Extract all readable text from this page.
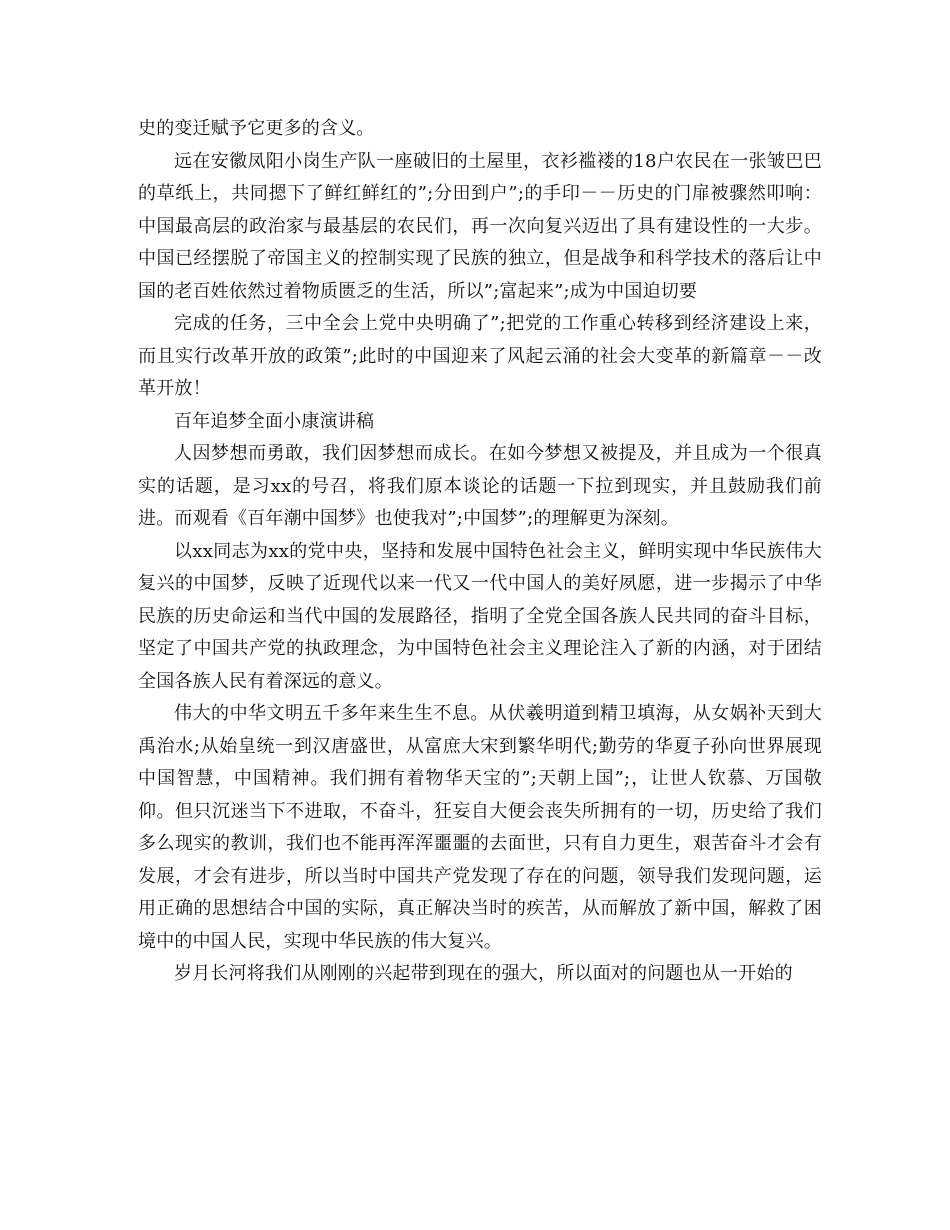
史的变迁赋予它更多的含义。

远在安徽凤阳小岗生产队一座破旧的土屋里，衣衫褴褛的18户农民在一张皱巴巴的草纸上，共同摁下了鲜红鲜红的”;分田到户”;的手印－－历史的门扉被骤然叩响：中国最高层的政治家与最基层的农民们，再一次向复兴迈出了具有建设性的一大步。中国已经摆脱了帝国主义的控制实现了民族的独立，但是战争和科学技术的落后让中国的老百姓依然过着物质匮乏的生活，所以”;富起来”;成为中国迫切要

完成的任务，三中全会上党中央明确了”;把党的工作重心转移到经济建设上来，而且实行改革开放的政策”;此时的中国迎来了风起云涌的社会大变革的新篇章－－改革开放！

百年追梦全面小康演讲稿

人因梦想而勇敢，我们因梦想而成长。在如今梦想又被提及，并且成为一个很真实的话题，是习xx的号召，将我们原本谈论的话题一下拉到现实，并且鼓励我们前进。而观看《百年潮中国梦》也使我对”;中国梦”;的理解更为深刻。

以xx同志为xx的党中央，坚持和发展中国特色社会主义，鲜明实现中华民族伟大复兴的中国梦，反映了近现代以来一代又一代中国人的美好夙愿，进一步揭示了中华民族的历史命运和当代中国的发展路径，指明了全党全国各族人民共同的奋斗目标，坚定了中国共产党的执政理念，为中国特色社会主义理论注入了新的内涵，对于团结全国各族人民有着深远的意义。

伟大的中华文明五千多年来生生不息。从伏羲明道到精卫填海，从女娲补天到大禹治水;从始皇统一到汉唐盛世，从富庶大宋到繁华明代;勤劳的华夏子孙向世界展现中国智慧，中国精神。我们拥有着物华天宝的”;天朝上国”;，让世人钦慕、万国敬仰。但只沉迷当下不进取，不奋斗，狂妄自大便会丧失所拥有的一切，历史给了我们多么现实的教训，我们也不能再浑浑噩噩的去面世，只有自力更生，艰苦奋斗才会有发展，才会有进步，所以当时中国共产党发现了存在的问题，领导我们发现问题，运用正确的思想结合中国的实际，真正解决当时的疾苦，从而解放了新中国，解救了困境中的中国人民，实现中华民族的伟大复兴。

岁月长河将我们从刚刚的兴起带到现在的强大，所以面对的问题也从一开始的
